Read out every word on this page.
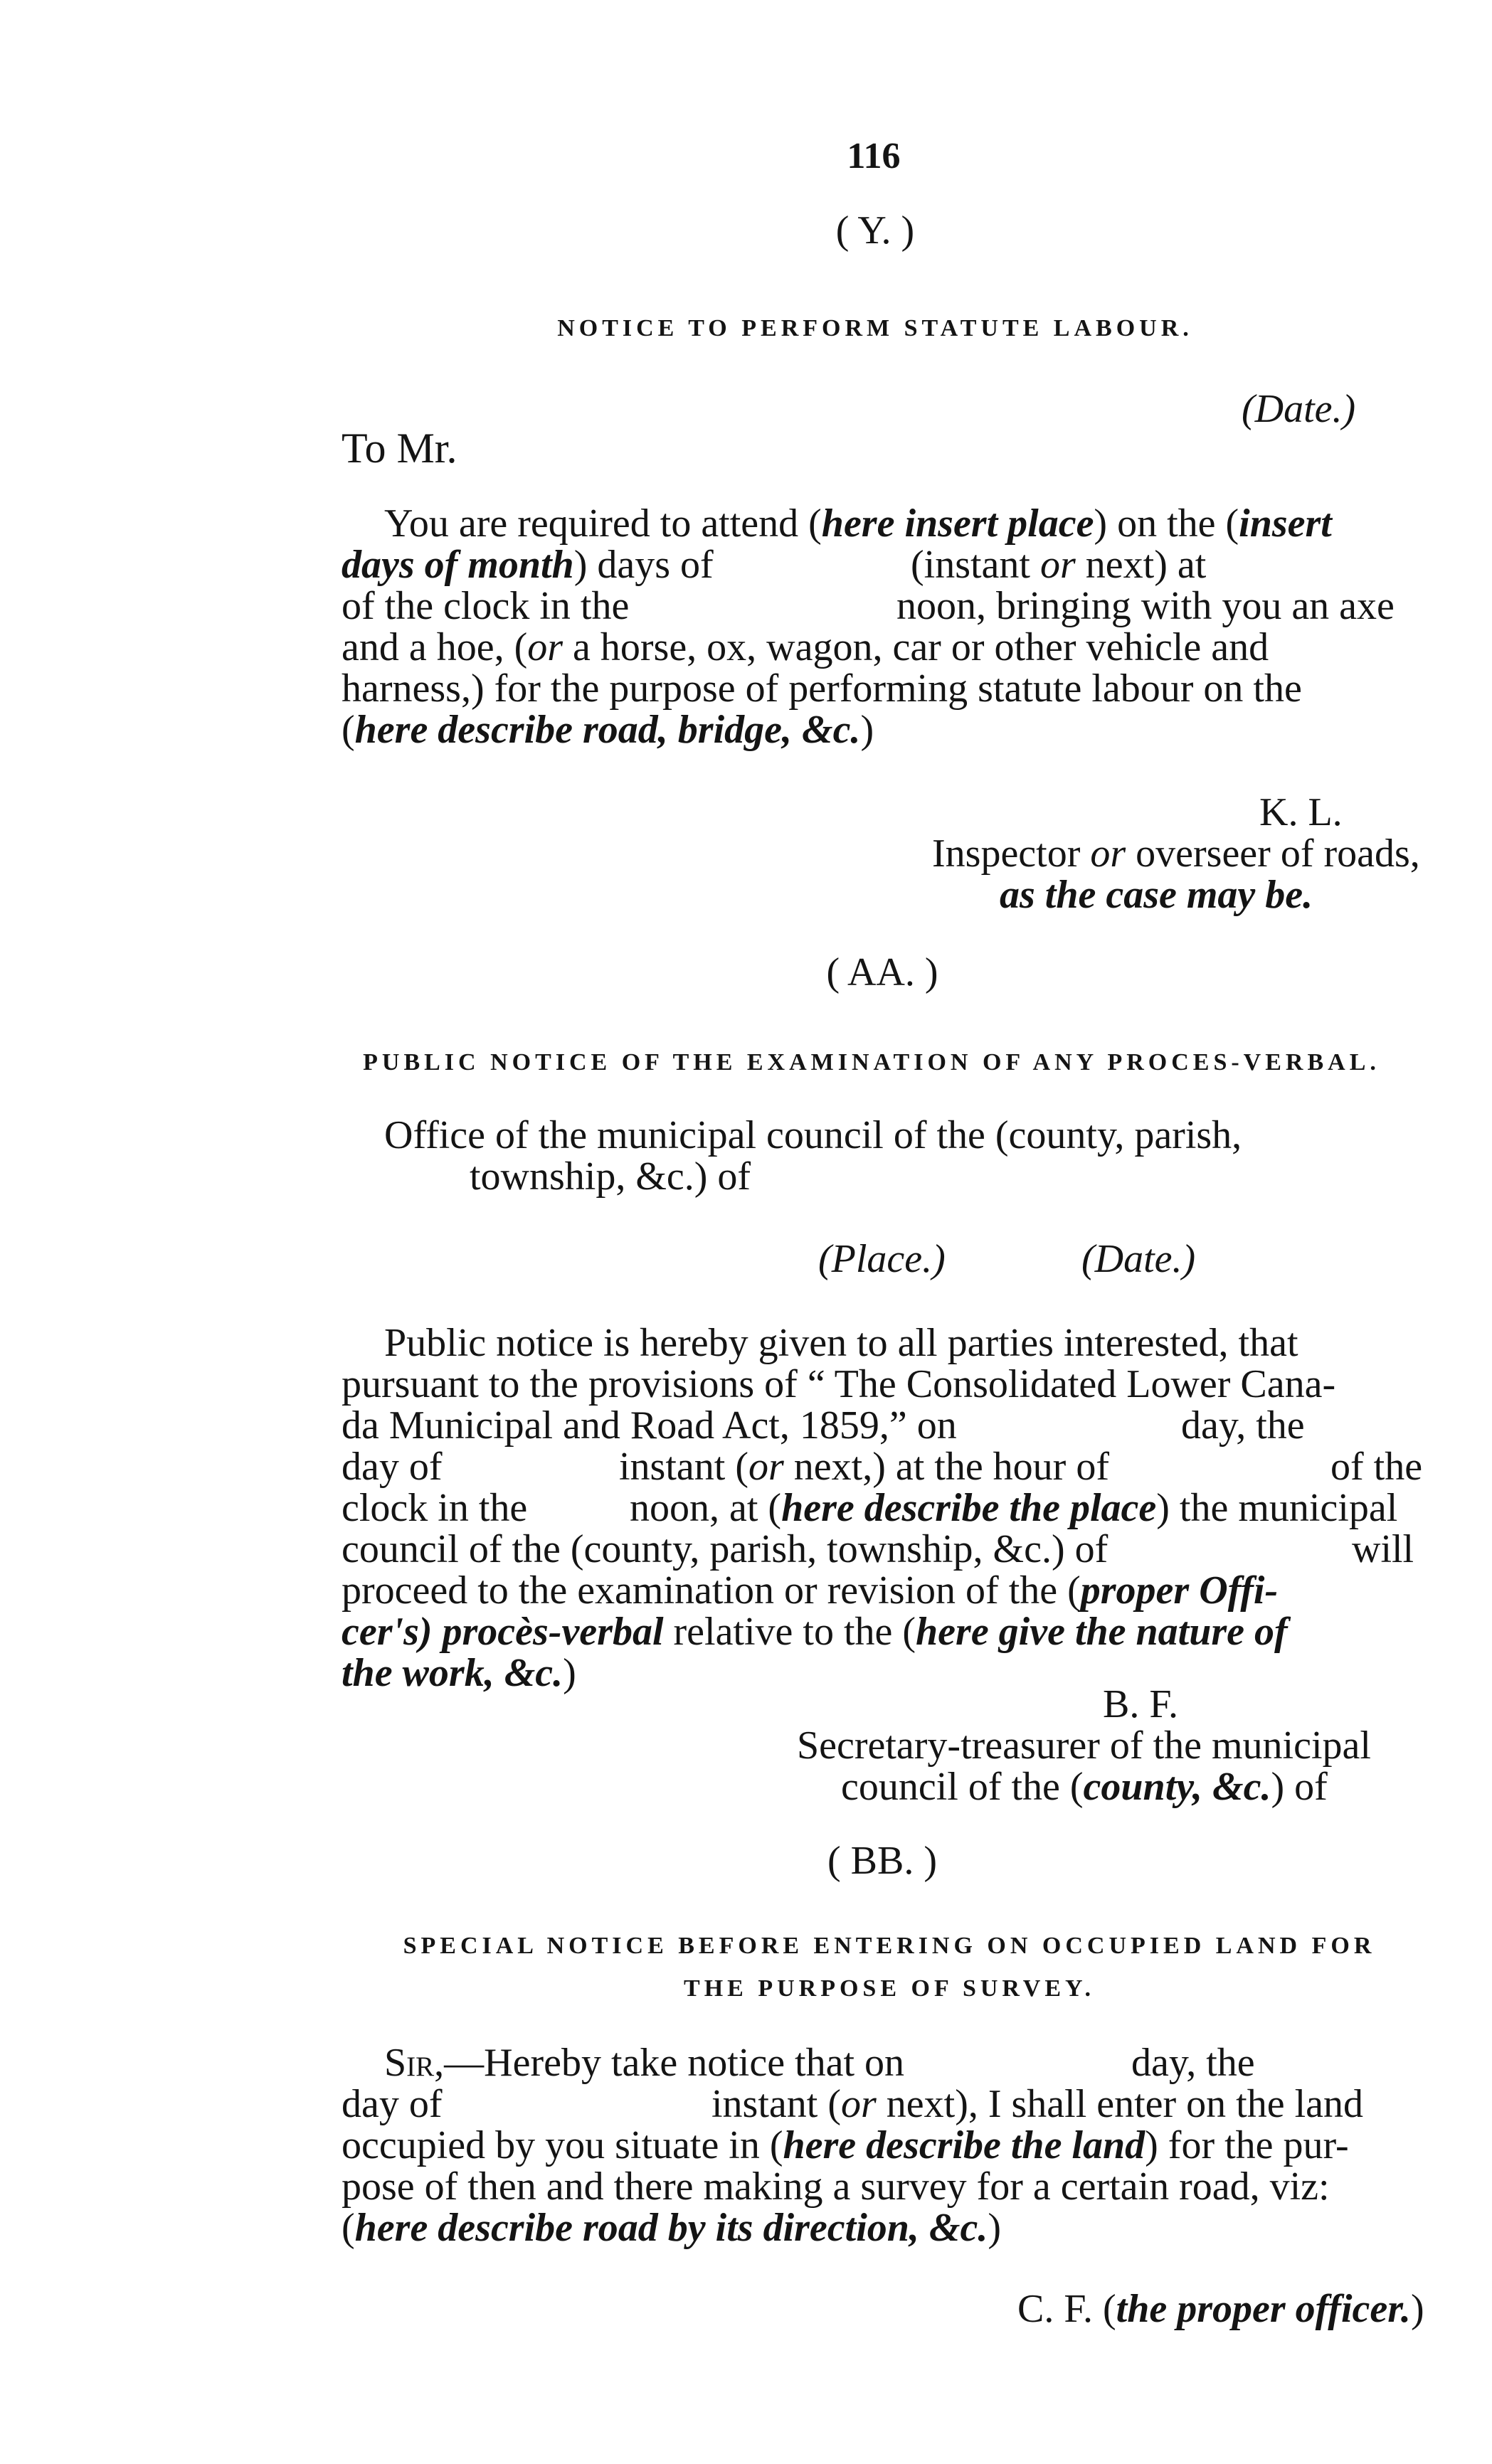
116
( Y. )
NOTICE TO PERFORM STATUTE LABOUR.
(Date.)
To Mr.
You are required to attend (here insert place) on the (insert
days of month) days of	(instant or next) at
of the clock in the	noon, bringing with you an axe
and a hoe, (or a horse, ox, wagon, car or other vehicle and
harness,) for the purpose of performing statute labour on the
(here describe road, bridge, &c.)
K. L.
Inspector or overseer of roads,
as the case may be.
( AA. )
PUBLIC NOTICE OF THE EXAMINATION OF ANY PROCES-VERBAL.
Office of the municipal council of the (county, parish,
township, &c.) of
(Place.)	(Date.)
Public notice is hereby given to all parties interested, that
pursuant to the provisions of “ The Consolidated Lower Cana-
da Municipal and Road Act, 1859,” on	day, the
day of	instant (or next,) at the hour of	of the
clock in the	noon, at (here describe the place) the municipal
council of the (county, parish, township, &c.) of	will
proceed to the examination or revision of the (proper Offi-
cer's) procès-verbal relative to the (here give the nature of
the work, &c.)
B. F.
Secretary-treasurer of the municipal
council of the (county, &c.) of
( BB. )
SPECIAL NOTICE BEFORE ENTERING ON OCCUPIED LAND FOR
THE PURPOSE OF SURVEY.
Sir,—Hereby take notice that on	day, the
day of	instant (or next), I shall enter on the land
occupied by you situate in (here describe the land) for the pur-
pose of then and there making a survey for a certain road, viz:
(here describe road by its direction, &c.)
C. F. (the proper officer.)
